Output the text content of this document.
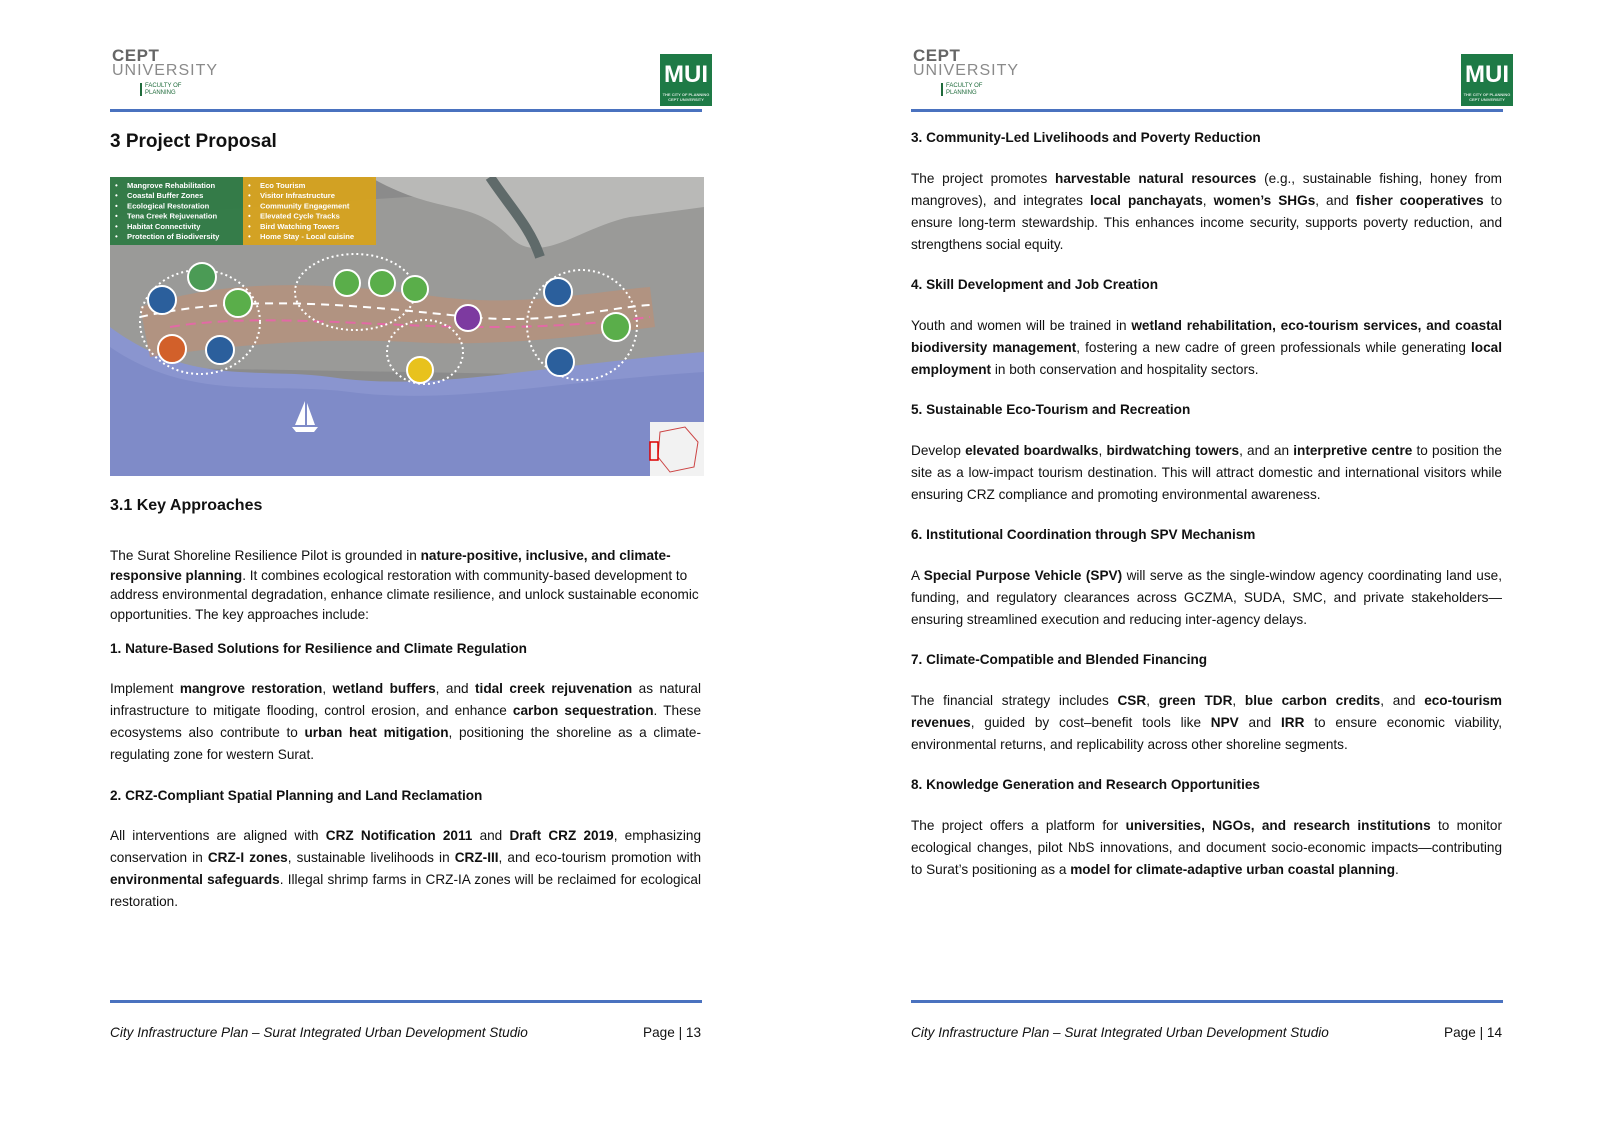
CEPT
UNIVERSITY
FACULTY OF PLANNING
MUI
THE CITY OF PLANNING CEPT UNIVERSITY
3 Project Proposal
• Mangrove Rehabilitation
• Coastal Buffer Zones
• Ecological Restoration
• Tena Creek Rejuvenation
• Habitat Connectivity
• Protection of Biodiversity
• Eco Tourism
• Visitor Infrastructure
• Community Engagement
• Elevated Cycle Tracks
• Bird Watching Towers
• Home Stay - Local cuisine
3.1 Key Approaches
The Surat Shoreline Resilience Pilot is grounded in nature-positive, inclusive, and climate-responsive planning. It combines ecological restoration with community-based development to address environmental degradation, enhance climate resilience, and unlock sustainable economic opportunities. The key approaches include:
1. Nature-Based Solutions for Resilience and Climate Regulation
Implement mangrove restoration, wetland buffers, and tidal creek rejuvenation as natural infrastructure to mitigate flooding, control erosion, and enhance carbon sequestration. These ecosystems also contribute to urban heat mitigation, positioning the shoreline as a climate-regulating zone for western Surat.
2. CRZ-Compliant Spatial Planning and Land Reclamation
All interventions are aligned with CRZ Notification 2011 and Draft CRZ 2019, emphasizing conservation in CRZ-I zones, sustainable livelihoods in CRZ-III, and eco-tourism promotion with environmental safeguards. Illegal shrimp farms in CRZ-IA zones will be reclaimed for ecological restoration.
City Infrastructure Plan – Surat Integrated Urban Development Studio	Page | 13
CEPT
UNIVERSITY
FACULTY OF PLANNING
MUI
THE CITY OF PLANNING CEPT UNIVERSITY
3. Community-Led Livelihoods and Poverty Reduction
The project promotes harvestable natural resources (e.g., sustainable fishing, honey from mangroves), and integrates local panchayats, women’s SHGs, and fisher cooperatives to ensure long-term stewardship. This enhances income security, supports poverty reduction, and strengthens social equity.
4. Skill Development and Job Creation
Youth and women will be trained in wetland rehabilitation, eco-tourism services, and coastal biodiversity management, fostering a new cadre of green professionals while generating local employment in both conservation and hospitality sectors.
5. Sustainable Eco-Tourism and Recreation
Develop elevated boardwalks, birdwatching towers, and an interpretive centre to position the site as a low-impact tourism destination. This will attract domestic and international visitors while ensuring CRZ compliance and promoting environmental awareness.
6. Institutional Coordination through SPV Mechanism
A Special Purpose Vehicle (SPV) will serve as the single-window agency coordinating land use, funding, and regulatory clearances across GCZMA, SUDA, SMC, and private stakeholders—ensuring streamlined execution and reducing inter-agency delays.
7. Climate-Compatible and Blended Financing
The financial strategy includes CSR, green TDR, blue carbon credits, and eco-tourism revenues, guided by cost–benefit tools like NPV and IRR to ensure economic viability, environmental returns, and replicability across other shoreline segments.
8. Knowledge Generation and Research Opportunities
The project offers a platform for universities, NGOs, and research institutions to monitor ecological changes, pilot NbS innovations, and document socio-economic impacts—contributing to Surat’s positioning as a model for climate-adaptive urban coastal planning.
City Infrastructure Plan – Surat Integrated Urban Development Studio	Page | 14
